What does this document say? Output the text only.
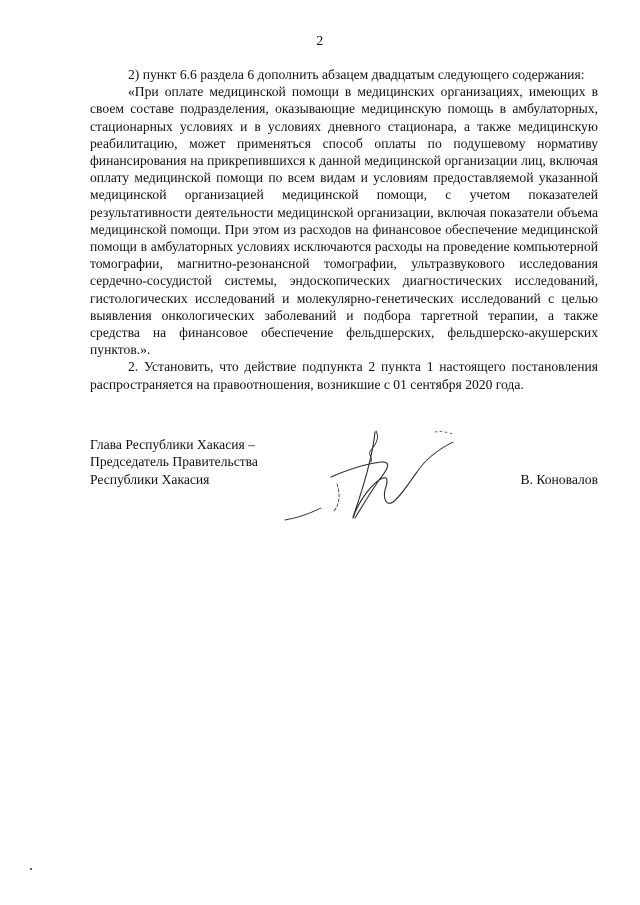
2

2) пункт 6.6 раздела 6 дополнить абзацем двадцатым следующего содержания:

«При оплате медицинской помощи в медицинских организациях, имеющих в своем составе подразделения, оказывающие медицинскую помощь в амбулаторных, стационарных условиях и в условиях дневного стационара, а также медицинскую реабилитацию, может применяться способ оплаты по подушевому нормативу финансирования на прикрепившихся к данной медицинской организации лиц, включая оплату медицинской помощи по всем видам и условиям предоставляемой указанной медицинской организацией медицинской помощи, с учетом показателей результативности деятельности медицинской организации, включая показатели объема медицинской помощи. При этом из расходов на финансовое обеспечение медицинской помощи в амбулаторных условиях исключаются расходы на проведение компьютерной томографии, магнитно-резонансной томографии, ультразвукового исследования сердечно-сосудистой системы, эндоскопических диагностических исследований, гистологических исследований и молекулярно-генетических исследований с целью выявления онкологических заболеваний и подбора таргетной терапии, а также средства на финансовое обеспечение фельдшерских, фельдшерско-акушерских пунктов.».

2. Установить, что действие подпункта 2 пункта 1 настоящего постановления распространяется на правоотношения, возникшие с 01 сентября 2020 года.

Глава Республики Хакасия –
Председатель Правительства
Республики Хакасия	В. Коновалов
